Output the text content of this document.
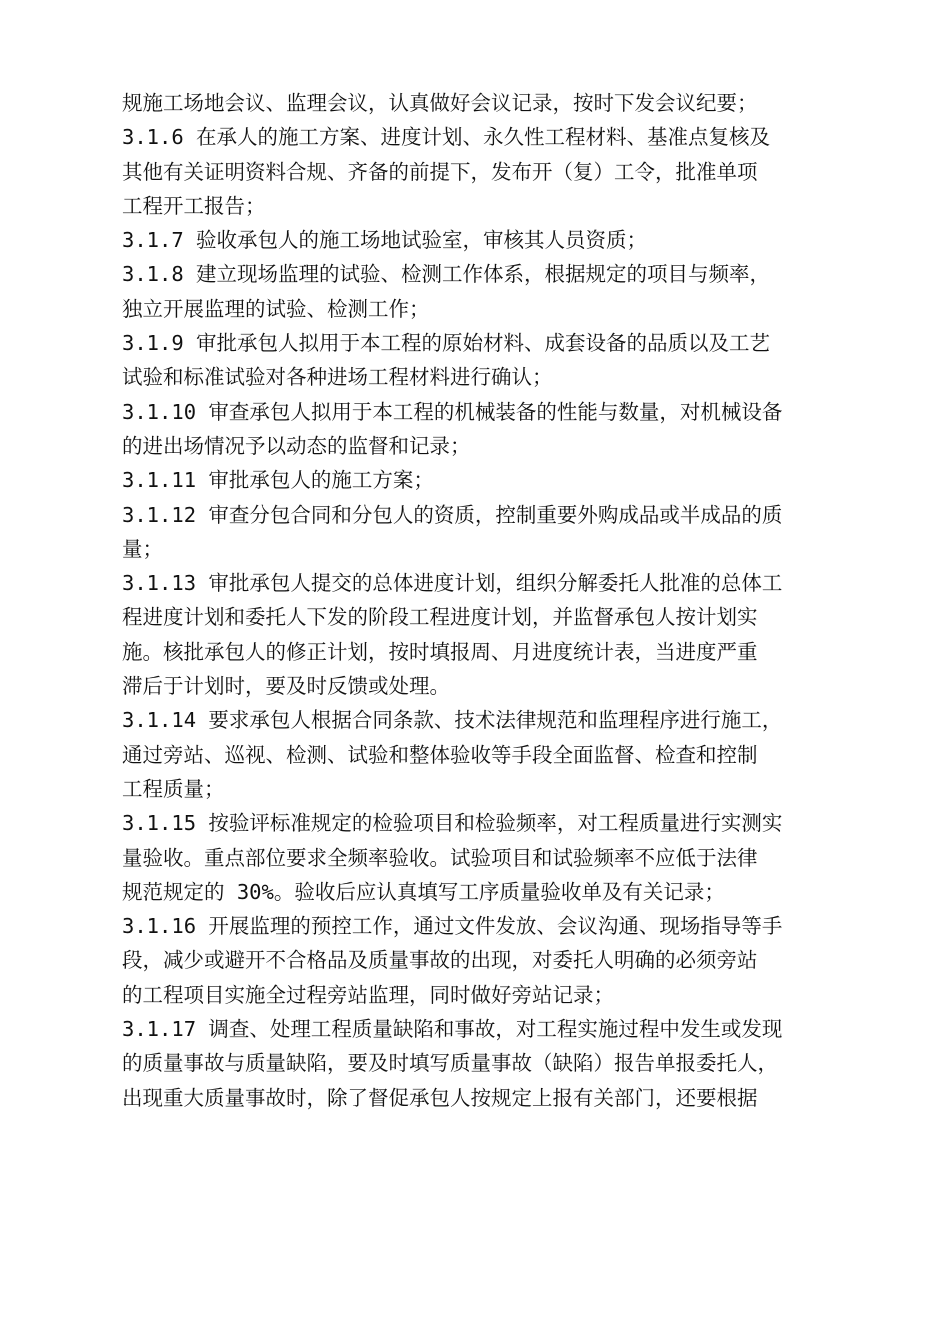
规施工场地会议、监理会议，认真做好会议记录，按时下发会议纪要；
3.1.6 在承人的施工方案、进度计划、永久性工程材料、基准点复核及
其他有关证明资料合规、齐备的前提下，发布开（复）工令，批准单项
工程开工报告；
3.1.7 验收承包人的施工场地试验室，审核其人员资质；
3.1.8 建立现场监理的试验、检测工作体系，根据规定的项目与频率，
独立开展监理的试验、检测工作；
3.1.9 审批承包人拟用于本工程的原始材料、成套设备的品质以及工艺
试验和标准试验对各种进场工程材料进行确认；
3.1.10 审查承包人拟用于本工程的机械装备的性能与数量，对机械设备
的进出场情况予以动态的监督和记录；
3.1.11 审批承包人的施工方案；
3.1.12 审查分包合同和分包人的资质，控制重要外购成品或半成品的质
量；
3.1.13 审批承包人提交的总体进度计划，组织分解委托人批准的总体工
程进度计划和委托人下发的阶段工程进度计划，并监督承包人按计划实
施。核批承包人的修正计划，按时填报周、月进度统计表，当进度严重
滞后于计划时，要及时反馈或处理。
3.1.14 要求承包人根据合同条款、技术法律规范和监理程序进行施工，
通过旁站、巡视、检测、试验和整体验收等手段全面监督、检查和控制
工程质量；
3.1.15 按验评标准规定的检验项目和检验频率，对工程质量进行实测实
量验收。重点部位要求全频率验收。试验项目和试验频率不应低于法律
规范规定的 30%。验收后应认真填写工序质量验收单及有关记录；
3.1.16 开展监理的预控工作，通过文件发放、会议沟通、现场指导等手
段，减少或避开不合格品及质量事故的出现，对委托人明确的必须旁站
的工程项目实施全过程旁站监理，同时做好旁站记录；
3.1.17 调查、处理工程质量缺陷和事故，对工程实施过程中发生或发现
的质量事故与质量缺陷，要及时填写质量事故（缺陷）报告单报委托人，
出现重大质量事故时，除了督促承包人按规定上报有关部门，还要根据
